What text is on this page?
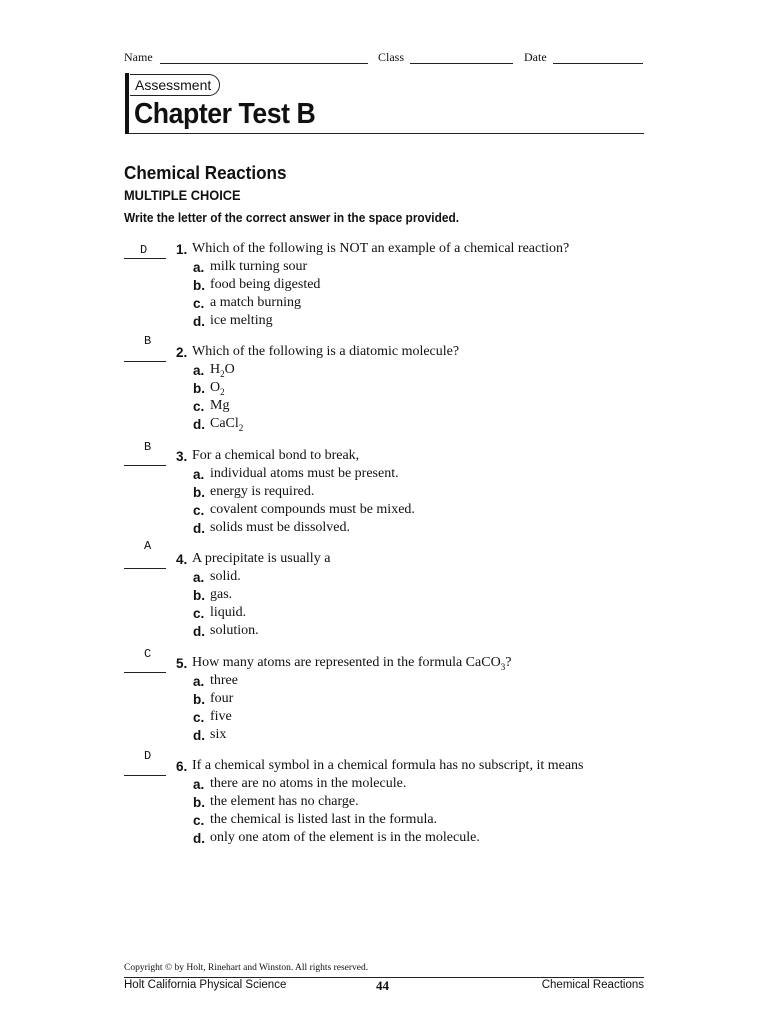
Name	Class	Date
Assessment
Chapter Test B
Chemical Reactions
MULTIPLE CHOICE
Write the letter of the correct answer in the space provided.
D 1. Which of the following is NOT an example of a chemical reaction?
a. milk turning sour
b. food being digested
c. a match burning
d. ice melting
B
2. Which of the following is a diatomic molecule?
a. $H_2O$
b. $O_2$
c. Mg
d. CaCl$_2$
B
3. For a chemical bond to break,
a. individual atoms must be present.
b. energy is required.
c. covalent compounds must be mixed.
d. solids must be dissolved.
A
4. A precipitate is usually a
a. solid.
b. gas.
c. liquid.
d. solution.
C
5. How many atoms are represented in the formula CaCO$_3$?
a. three
b. four
c. five
d. six
D
6. If a chemical symbol in a chemical formula has no subscript, it means
a. there are no atoms in the molecule.
b. the element has no charge.
c. the chemical is listed last in the formula.
d. only one atom of the element is in the molecule.
Copyright © by Holt, Rinehart and Winston. All rights reserved.
Holt California Physical Science	44	Chemical Reactions
